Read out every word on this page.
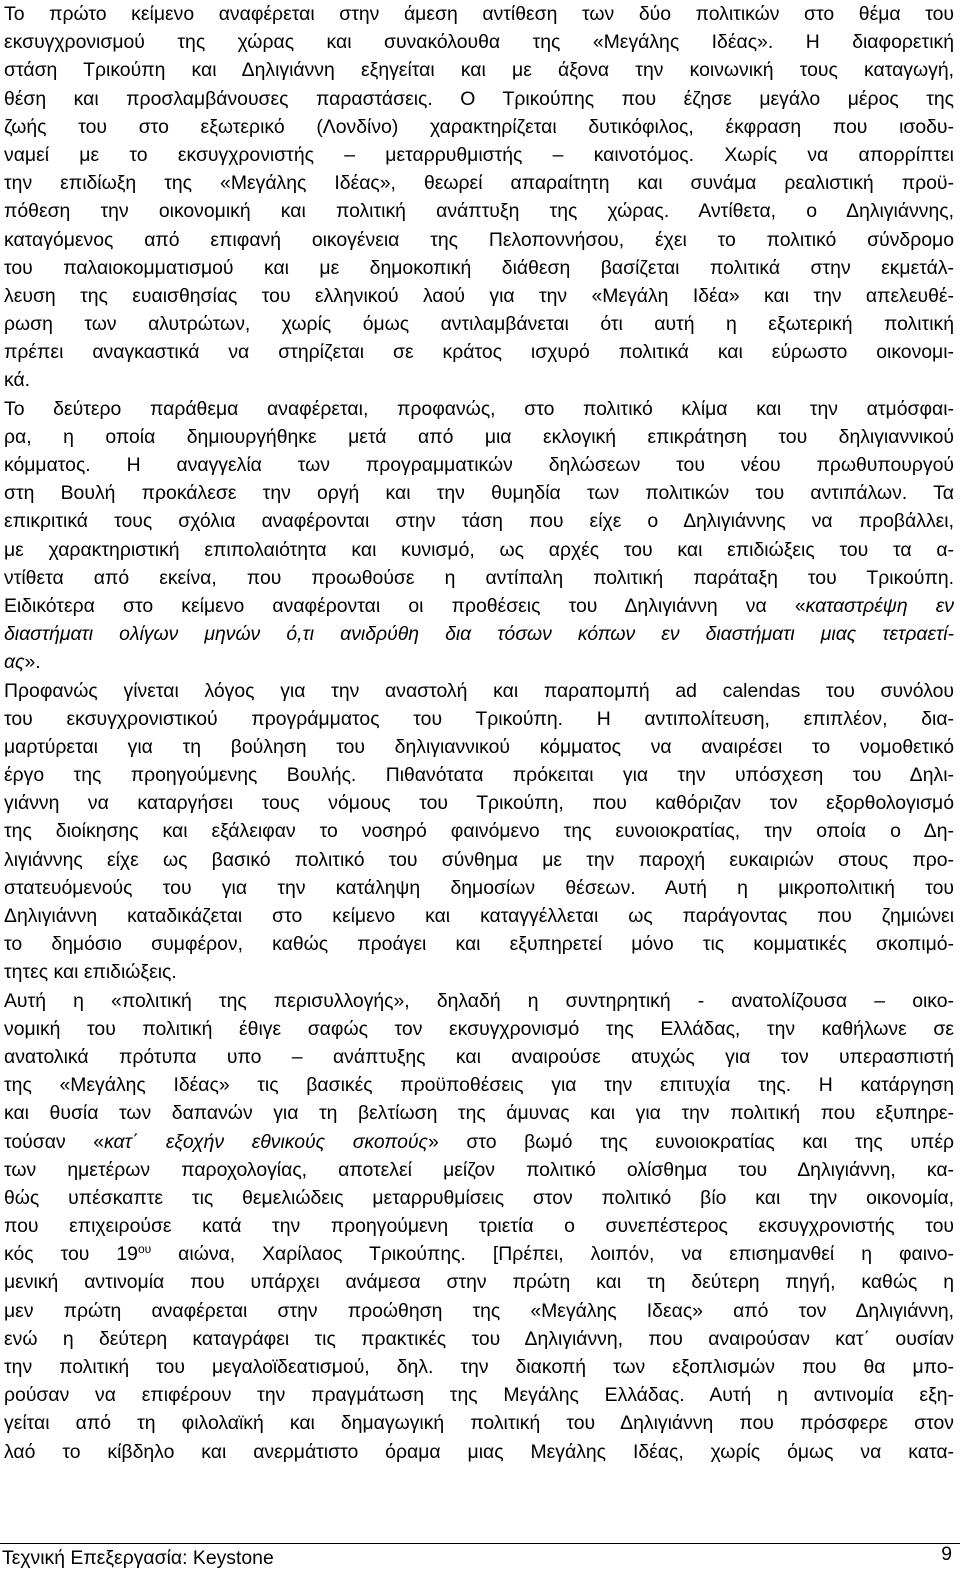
Το πρώτο κείμενο αναφέρεται στην άμεση αντίθεση των δύο πολιτικών στο θέμα του
εκσυγχρονισμού της χώρας και συνακόλουθα της «Μεγάλης Ιδέας». Η διαφορετική
στάση Τρικούπη και Δηλιγιάννη εξηγείται και με άξονα την κοινωνική τους καταγωγή,
θέση και προσλαμβάνουσες παραστάσεις. Ο Τρικούπης που έζησε μεγάλο μέρος της
ζωής του στο εξωτερικό (Λονδίνο) χαρακτηρίζεται δυτικόφιλος, έκφραση που ισοδυ-
ναμεί με το εκσυγχρονιστής – μεταρρυθμιστής – καινοτόμος. Χωρίς να απορρίπτει
την επιδίωξη της «Μεγάλης Ιδέας», θεωρεί απαραίτητη και συνάμα ρεαλιστική προϋ-
πόθεση την οικονομική και πολιτική ανάπτυξη της χώρας. Αντίθετα, ο Δηλιγιάννης,
καταγόμενος από επιφανή οικογένεια της Πελοποννήσου, έχει το πολιτικό σύνδρομο
του παλαιοκομματισμού και με δημοκοπική διάθεση βασίζεται πολιτικά στην εκμετάλ-
λευση της ευαισθησίας του ελληνικού λαού για την «Μεγάλη Ιδέα» και την απελευθέ-
ρωση των αλυτρώτων, χωρίς όμως αντιλαμβάνεται ότι αυτή η εξωτερική πολιτική
πρέπει αναγκαστικά να στηρίζεται σε κράτος ισχυρό πολιτικά και εύρωστο οικονομι-
κά.
Το δεύτερο παράθεμα αναφέρεται, προφανώς, στο πολιτικό κλίμα και την ατμόσφαι-
ρα, η οποία δημιουργήθηκε μετά από μια εκλογική επικράτηση του δηλιγιαννικού
κόμματος. Η αναγγελία των προγραμματικών δηλώσεων του νέου πρωθυπουργού
στη Βουλή προκάλεσε την οργή και την θυμηδία των πολιτικών του αντιπάλων. Τα
επικριτικά τους σχόλια αναφέρονται στην τάση που είχε ο Δηλιγιάννης να προβάλλει,
με χαρακτηριστική επιπολαιότητα και κυνισμό, ως αρχές του και επιδιώξεις του τα α-
ντίθετα από εκείνα, που προωθούσε η αντίπαλη πολιτική παράταξη του Τρικούπη.
Ειδικότερα στο κείμενο αναφέρονται οι προθέσεις του Δηλιγιάννη να «καταστρέψη εν
διαστήματι ολίγων μηνών ό,τι ανιδρύθη δια τόσων κόπων εν διαστήματι μιας τετραετί-
ας».
Προφανώς γίνεται λόγος για την αναστολή και παραπομπή ad calendas του συνόλου
του εκσυγχρονιστικού προγράμματος του Τρικούπη. Η αντιπολίτευση, επιπλέον, δια-
μαρτύρεται για τη βούληση του δηλιγιαννικού κόμματος να αναιρέσει το νομοθετικό
έργο της προηγούμενης Βουλής. Πιθανότατα πρόκειται για την υπόσχεση του Δηλι-
γιάννη να καταργήσει τους νόμους του Τρικούπη, που καθόριζαν τον εξορθολογισμό
της διοίκησης και εξάλειφαν το νοσηρό φαινόμενο της ευνοιοκρατίας, την οποία ο Δη-
λιγιάννης είχε ως βασικό πολιτικό του σύνθημα με την παροχή ευκαιριών στους προ-
στατευόμενούς του για την κατάληψη δημοσίων θέσεων. Αυτή η μικροπολιτική του
Δηλιγιάννη καταδικάζεται στο κείμενο και καταγγέλλεται ως παράγοντας που ζημιώνει
το δημόσιο συμφέρον, καθώς προάγει και εξυπηρετεί μόνο τις κομματικές σκοπιμό-
τητες και επιδιώξεις.
Αυτή η «πολιτική της περισυλλογής», δηλαδή η συντηρητική - ανατολίζουσα – οικο-
νομική του πολιτική έθιγε σαφώς τον εκσυγχρονισμό της Ελλάδας, την καθήλωνε σε
ανατολικά πρότυπα υπο – ανάπτυξης και αναιρούσε ατυχώς για τον υπερασπιστή
της «Μεγάλης Ιδέας» τις βασικές προϋποθέσεις για την επιτυχία της. Η κατάργηση
και θυσία των δαπανών για τη βελτίωση της άμυνας και για την πολιτική που εξυπηρε-
τούσαν «κατ΄ εξοχήν εθνικούς σκοπούς» στο βωμό της ευνοιοκρατίας και της υπέρ
των ημετέρων παροχολογίας, αποτελεί μείζον πολιτικό ολίσθημα του Δηλιγιάννη, κα-
θώς υπέσκαπτε τις θεμελιώδεις μεταρρυθμίσεις στον πολιτικό βίο και την οικονομία,
που επιχειρούσε κατά την προηγούμενη τριετία ο συνεπέστερος εκσυγχρονιστής του
κός του $19^{o\upsilon}$ αιώνα, Χαρίλαος Τρικούπης. [Πρέπει, λοιπόν, να επισημανθεί η φαινο-
μενική αντινομία που υπάρχει ανάμεσα στην πρώτη και τη δεύτερη πηγή, καθώς η
μεν πρώτη αναφέρεται στην προώθηση της «Μεγάλης Ιδεας» από τον Δηλιγιάννη,
ενώ η δεύτερη καταγράφει τις πρακτικές του Δηλιγιάννη, που αναιρούσαν κατ΄ ουσίαν
την πολιτική του μεγαλοϊδεατισμού, δηλ. την διακοπή των εξοπλισμών που θα μπο-
ρούσαν να επιφέρουν την πραγμάτωση της Μεγάλης Ελλάδας. Αυτή η αντινομία εξη-
γείται από τη φιλολαϊκή και δημαγωγική πολιτική του Δηλιγιάννη που πρόσφερε στον
λαό το κίβδηλο και ανερμάτιστο όραμα μιας Μεγάλης Ιδέας, χωρίς όμως να κατα-
Τεχνική Επεξεργασία: Keystone	9
